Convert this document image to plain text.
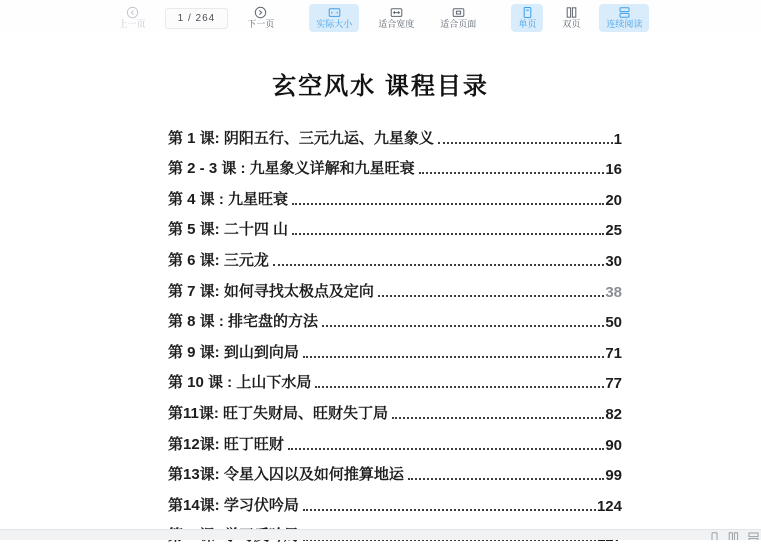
上一页
1 / 264
下一页	实际大小	适合宽度	适合页面	单页	双页	连续阅读
玄空风水 课程目录
第 1 课: 阴阳五行、三元九运、九星象义	1
第 2 - 3 课 : 九星象义详解和九星旺衰	16
第 4 课 : 九星旺衰	20
第 5 课: 二十四 山	25
第 6 课: 三元龙	30
第 7 课: 如何寻找太极点及定向	38
第 8 课 : 排宅盘的方法	50
第 9 课: 到山到向局	71
第 10 课 : 上山下水局	77
第11课: 旺丁失财局、旺财失丁局	82
第12课: 旺丁旺财	90
第13课: 令星入囚以及如何推算地运	99
第14课: 学习伏吟局	124
